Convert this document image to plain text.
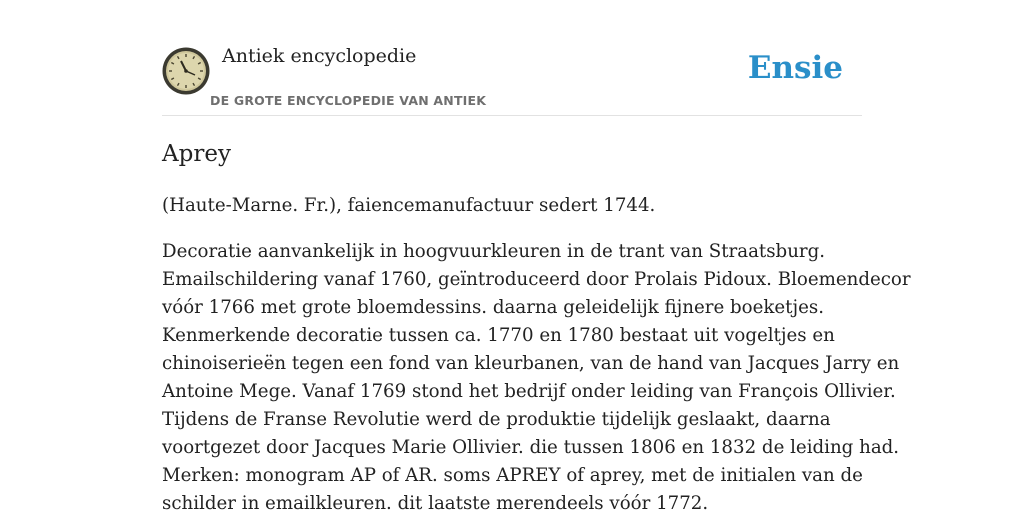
Antiek encyclopedie
DE GROTE ENCYCLOPEDIE VAN ANTIEK
Ensie
Aprey

(Haute-Marne. Fr.), faiencemanufactuur sedert 1744.

Decoratie aanvankelijk in hoogvuurkleuren in de trant van Straatsburg.
Emailschildering vanaf 1760, geïntroduceerd door Prolais Pidoux. Bloemendecor
vóór 1766 met grote bloemdessins. daarna geleidelijk fijnere boeketjes.
Kenmerkende decoratie tussen ca. 1770 en 1780 bestaat uit vogeltjes en
chinoiserieën tegen een fond van kleurbanen, van de hand van Jacques Jarry en
Antoine Mege. Vanaf 1769 stond het bedrijf onder leiding van François Ollivier.
Tijdens de Franse Revolutie werd de produktie tijdelijk geslaakt, daarna
voortgezet door Jacques Marie Ollivier. die tussen 1806 en 1832 de leiding had.
Merken: monogram AP of AR. soms APREY of aprey, met de initialen van de
schilder in emailkleuren. dit laatste merendeels vóór 1772.
